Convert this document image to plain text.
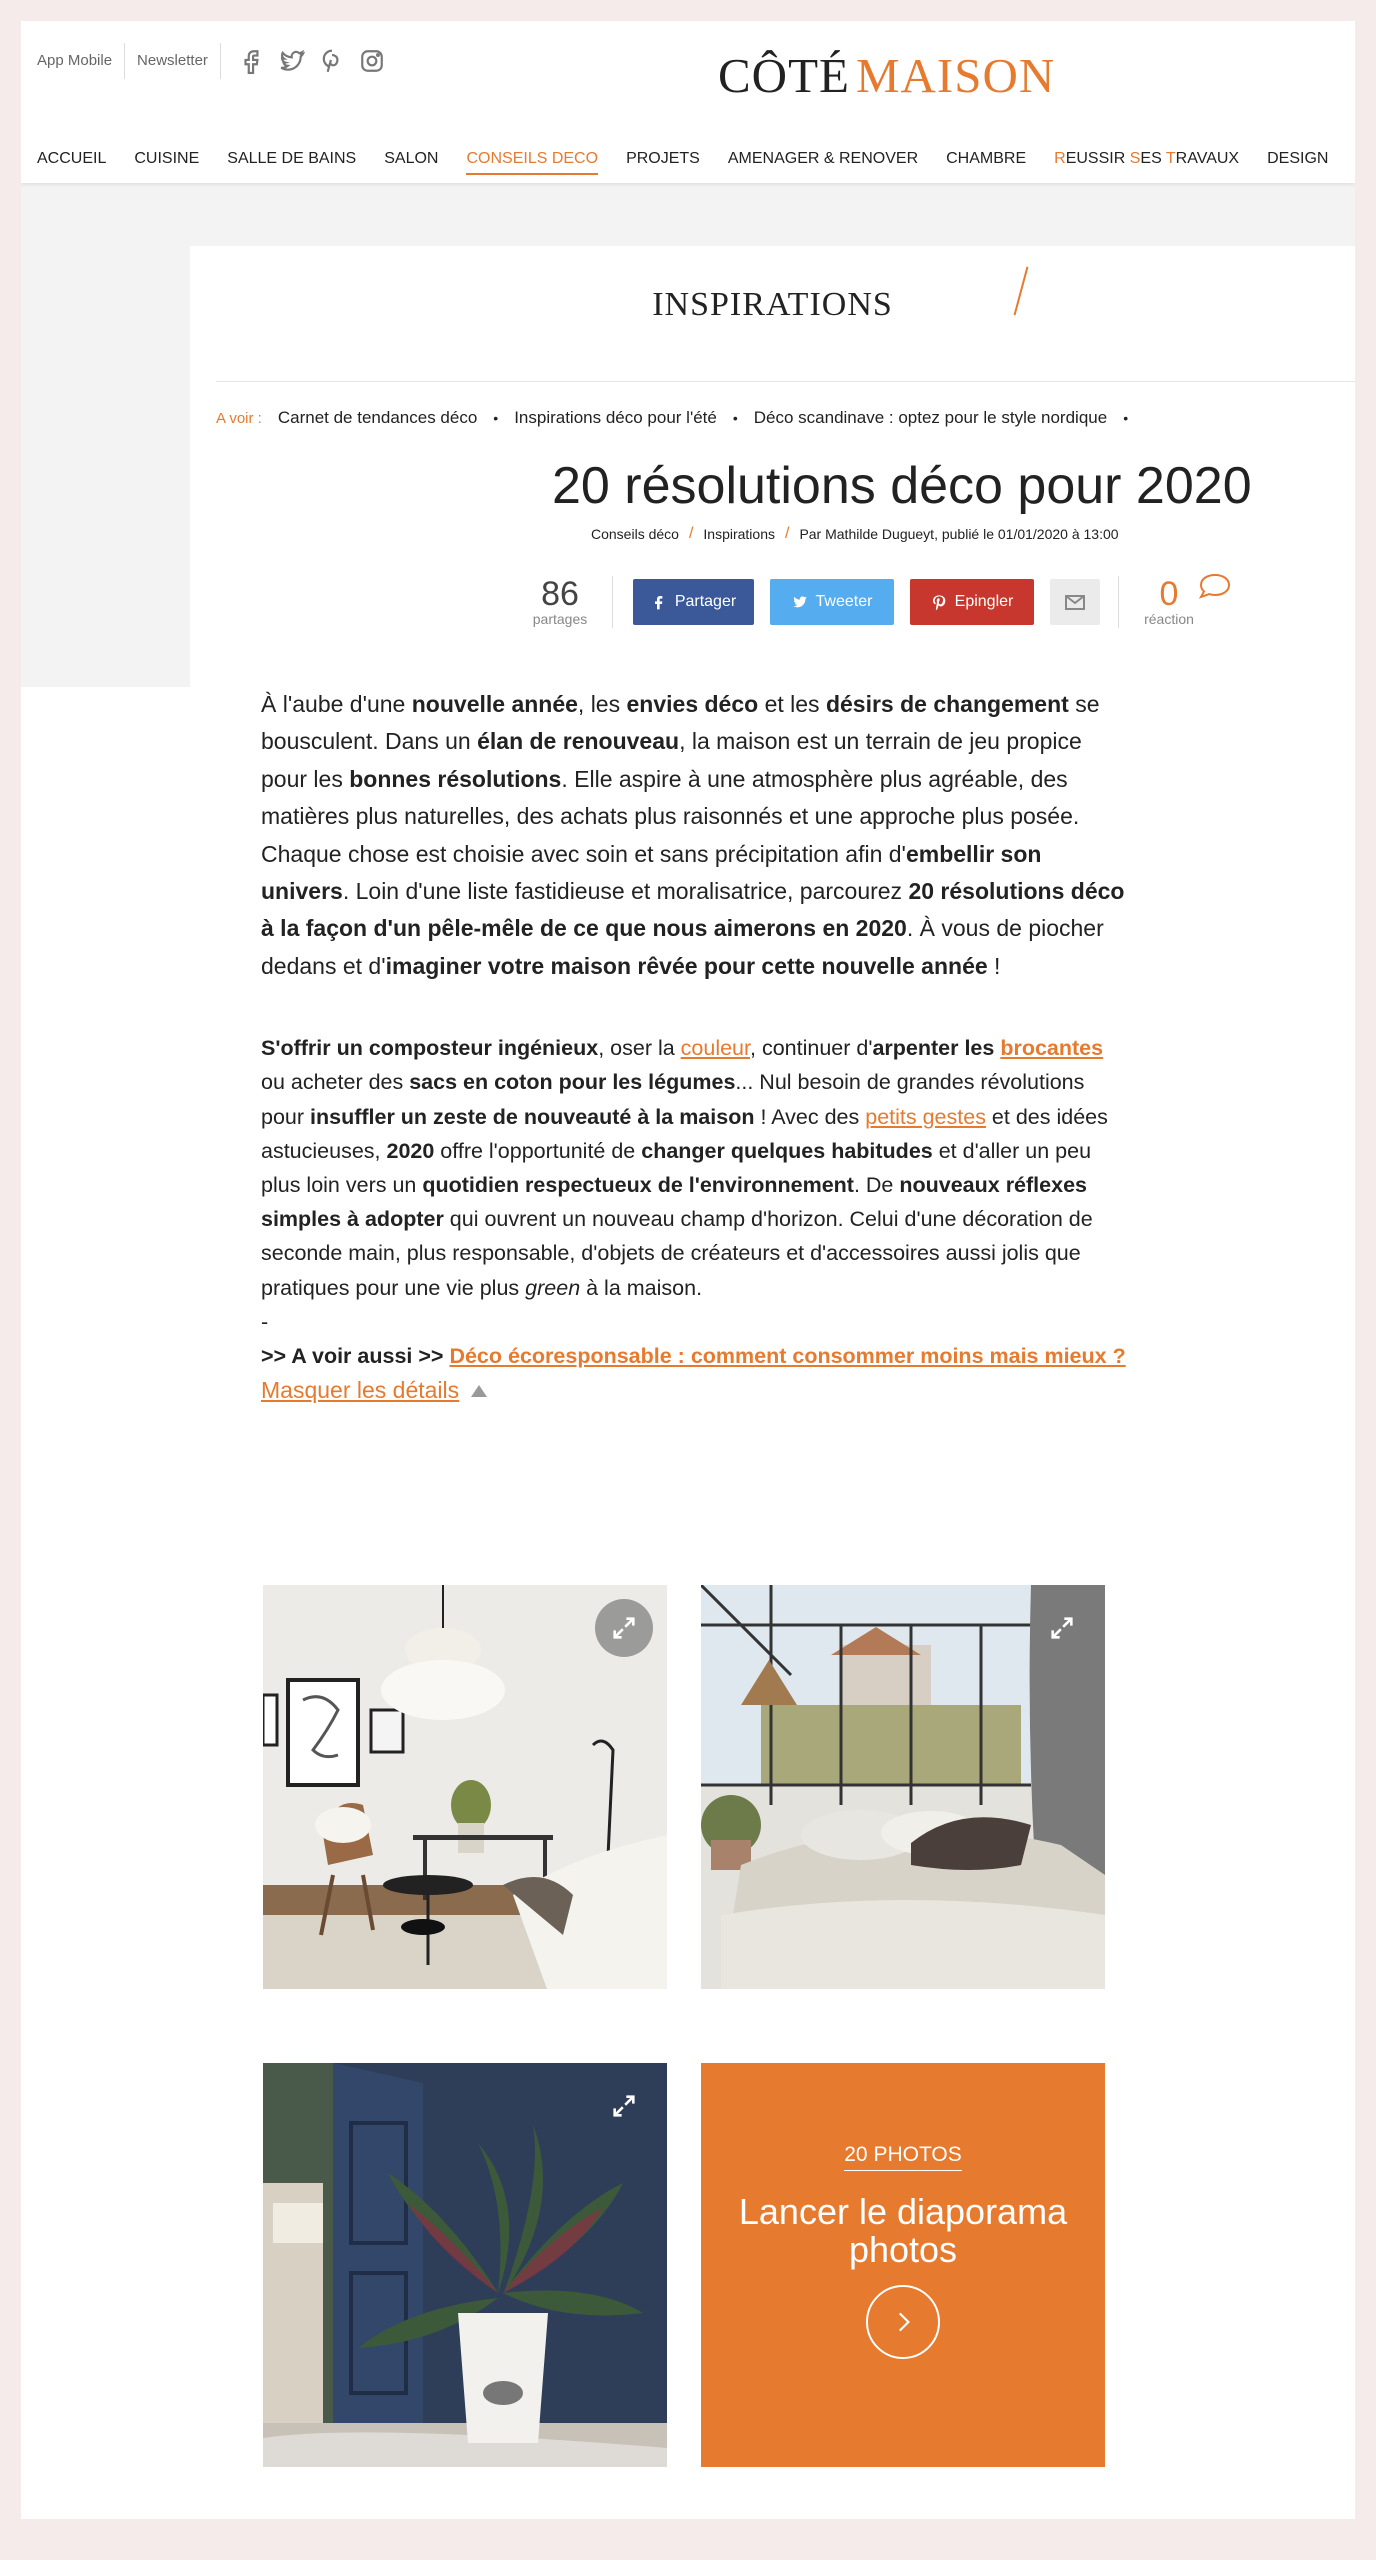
App Mobile	Newsletter	CÔTÉ MAISON
ACCUEIL	CUISINE	SALLE DE BAINS	SALON	CONSEILS DECO	PROJETS	AMENAGER & RENOVER	CHAMBRE	REUSSIR SES TRAVAUX	DESIGN
INSPIRATIONS
A voir : Carnet de tendances déco • Inspirations déco pour l'été • Déco scandinave : optez pour le style nordique •
20 résolutions déco pour 2020
Conseils déco / Inspirations / Par Mathilde Dugueyt, publié le 01/01/2020 à 13:00
86
partages
Partager	Tweeter	Epingler	0
réaction

À l'aube d'une nouvelle année, les envies déco et les désirs de changement se bousculent. Dans un élan de renouveau, la maison est un terrain de jeu propice pour les bonnes résolutions. Elle aspire à une atmosphère plus agréable, des matières plus naturelles, des achats plus raisonnés et une approche plus posée. Chaque chose est choisie avec soin et sans précipitation afin d'embellir son univers. Loin d'une liste fastidieuse et moralisatrice, parcourez 20 résolutions déco à la façon d'un pêle-mêle de ce que nous aimerons en 2020. À vous de piocher dedans et d'imaginer votre maison rêvée pour cette nouvelle année !

S'offrir un composteur ingénieux, oser la couleur, continuer d'arpenter les brocantes ou acheter des sacs en coton pour les légumes... Nul besoin de grandes révolutions pour insuffler un zeste de nouveauté à la maison ! Avec des petits gestes et des idées astucieuses, 2020 offre l'opportunité de changer quelques habitudes et d'aller un peu plus loin vers un quotidien respectueux de l'environnement. De nouveaux réflexes simples à adopter qui ouvrent un nouveau champ d'horizon. Celui d'une décoration de seconde main, plus responsable, d'objets de créateurs et d'accessoires aussi jolis que pratiques pour une vie plus green à la maison.
-
>> A voir aussi >> Déco écoresponsable : comment consommer moins mais mieux ?

Masquer les détails
20 PHOTOS
Lancer le diaporama photos
